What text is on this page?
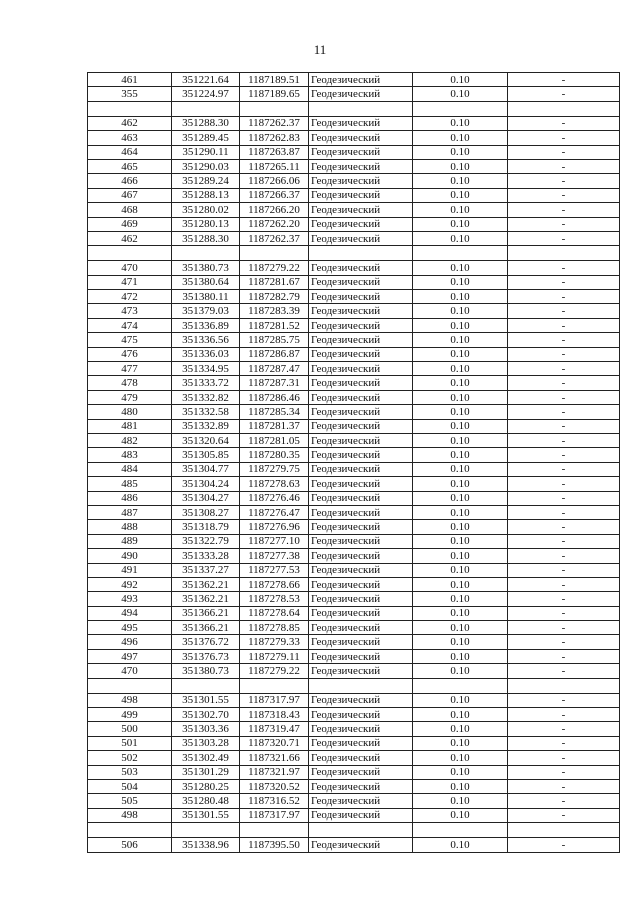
11
461	351221.64	1187189.51	Геодезический	0.10	-
355	351224.97	1187189.65	Геодезический	0.10	-

462	351288.30	1187262.37	Геодезический	0.10	-
463	351289.45	1187262.83	Геодезический	0.10	-
464	351290.11	1187263.87	Геодезический	0.10	-
465	351290.03	1187265.11	Геодезический	0.10	-
466	351289.24	1187266.06	Геодезический	0.10	-
467	351288.13	1187266.37	Геодезический	0.10	-
468	351280.02	1187266.20	Геодезический	0.10	-
469	351280.13	1187262.20	Геодезический	0.10	-
462	351288.30	1187262.37	Геодезический	0.10	-

470	351380.73	1187279.22	Геодезический	0.10	-
471	351380.64	1187281.67	Геодезический	0.10	-
472	351380.11	1187282.79	Геодезический	0.10	-
473	351379.03	1187283.39	Геодезический	0.10	-
474	351336.89	1187281.52	Геодезический	0.10	-
475	351336.56	1187285.75	Геодезический	0.10	-
476	351336.03	1187286.87	Геодезический	0.10	-
477	351334.95	1187287.47	Геодезический	0.10	-
478	351333.72	1187287.31	Геодезический	0.10	-
479	351332.82	1187286.46	Геодезический	0.10	-
480	351332.58	1187285.34	Геодезический	0.10	-
481	351332.89	1187281.37	Геодезический	0.10	-
482	351320.64	1187281.05	Геодезический	0.10	-
483	351305.85	1187280.35	Геодезический	0.10	-
484	351304.77	1187279.75	Геодезический	0.10	-
485	351304.24	1187278.63	Геодезический	0.10	-
486	351304.27	1187276.46	Геодезический	0.10	-
487	351308.27	1187276.47	Геодезический	0.10	-
488	351318.79	1187276.96	Геодезический	0.10	-
489	351322.79	1187277.10	Геодезический	0.10	-
490	351333.28	1187277.38	Геодезический	0.10	-
491	351337.27	1187277.53	Геодезический	0.10	-
492	351362.21	1187278.66	Геодезический	0.10	-
493	351362.21	1187278.53	Геодезический	0.10	-
494	351366.21	1187278.64	Геодезический	0.10	-
495	351366.21	1187278.85	Геодезический	0.10	-
496	351376.72	1187279.33	Геодезический	0.10	-
497	351376.73	1187279.11	Геодезический	0.10	-
470	351380.73	1187279.22	Геодезический	0.10	-

498	351301.55	1187317.97	Геодезический	0.10	-
499	351302.70	1187318.43	Геодезический	0.10	-
500	351303.36	1187319.47	Геодезический	0.10	-
501	351303.28	1187320.71	Геодезический	0.10	-
502	351302.49	1187321.66	Геодезический	0.10	-
503	351301.29	1187321.97	Геодезический	0.10	-
504	351280.25	1187320.52	Геодезический	0.10	-
505	351280.48	1187316.52	Геодезический	0.10	-
498	351301.55	1187317.97	Геодезический	0.10	-

506	351338.96	1187395.50	Геодезический	0.10	-
